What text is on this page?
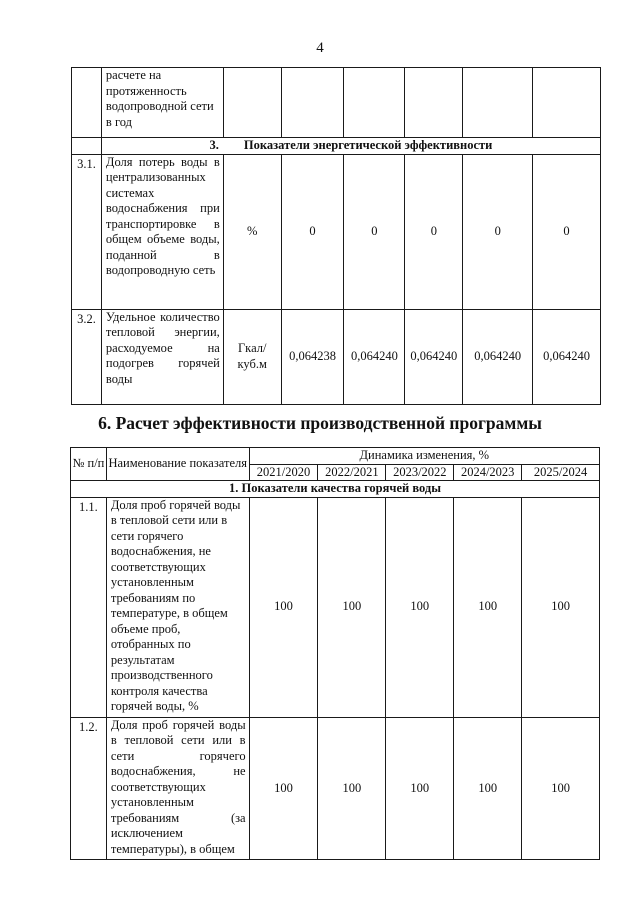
4
	расчете на протяженность водопроводной сети в год						
	3. Показатели энергетической эффективности						
3.1.	Доля потерь воды в централизованных системах водоснабжения при транспортировке в общем объеме воды, поданной в водопроводную сеть	%	0	0	0	0	0
3.2.	Удельное количество тепловой энергии, расходуемое на подогрев горячей воды	Гкал/ куб.м	0,064238	0,064240	0,064240	0,064240	0,064240
6. Расчет эффективности производственной программы
№ п/п	Наименование показателя	Динамика изменения, %				
		2021/2020	2022/2021	2023/2022	2024/2023	2025/2024
1. Показатели качества горячей воды						
1.1.	Доля проб горячей воды в тепловой сети или в сети горячего водоснабжения, не соответствующих установленным требованиям по температуре, в общем объеме проб, отобранных по результатам производственного контроля качества горячей воды, %	100	100	100	100	100
1.2.	Доля проб горячей воды в тепловой сети или в сети горячего водоснабжения, не соответствующих установленным требованиям (за исключением температуры), в общем	100	100	100	100	100
